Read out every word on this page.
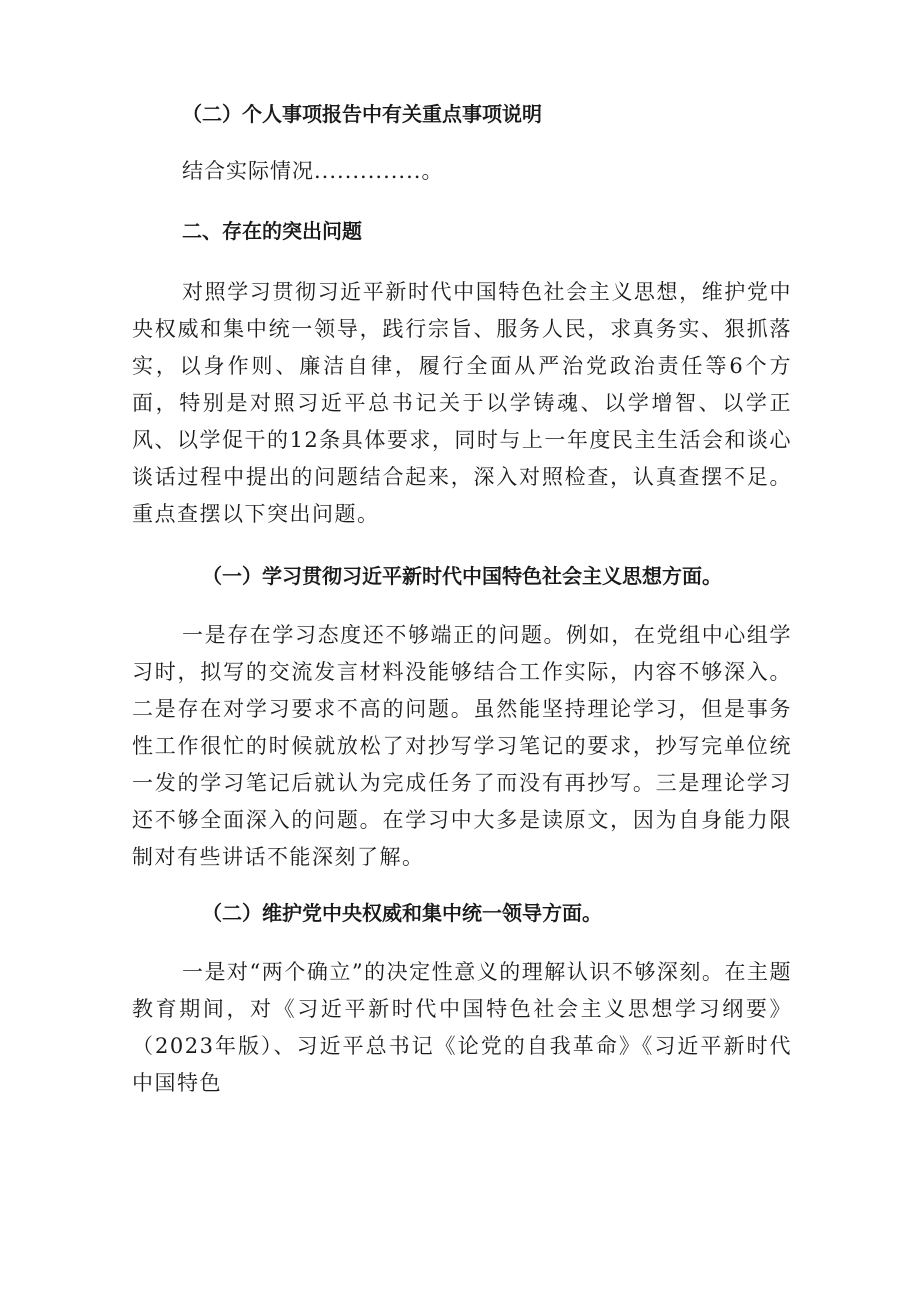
（二）个人事项报告中有关重点事项说明

结合实际情况..............。

二、存在的突出问题

对照学习贯彻习近平新时代中国特色社会主义思想，维护党中央权威和集中统一领导，践行宗旨、服务人民，求真务实、狠抓落实，以身作则、廉洁自律，履行全面从严治党政治责任等6个方面，特别是对照习近平总书记关于以学铸魂、以学增智、以学正风、以学促干的12条具体要求，同时与上一年度民主生活会和谈心谈话过程中提出的问题结合起来，深入对照检查，认真查摆不足。重点查摆以下突出问题。

（一）学习贯彻习近平新时代中国特色社会主义思想方面。

一是存在学习态度还不够端正的问题。例如，在党组中心组学习时，拟写的交流发言材料没能够结合工作实际，内容不够深入。二是存在对学习要求不高的问题。虽然能坚持理论学习，但是事务性工作很忙的时候就放松了对抄写学习笔记的要求，抄写完单位统一发的学习笔记后就认为完成任务了而没有再抄写。三是理论学习还不够全面深入的问题。在学习中大多是读原文，因为自身能力限制对有些讲话不能深刻了解。

（二）维护党中央权威和集中统一领导方面。

一是对“两个确立”的决定性意义的理解认识不够深刻。在主题教育期间，对《习近平新时代中国特色社会主义思想学习纲要》（2023年版）、习近平总书记《论党的自我革命》《习近平新时代中国特色
